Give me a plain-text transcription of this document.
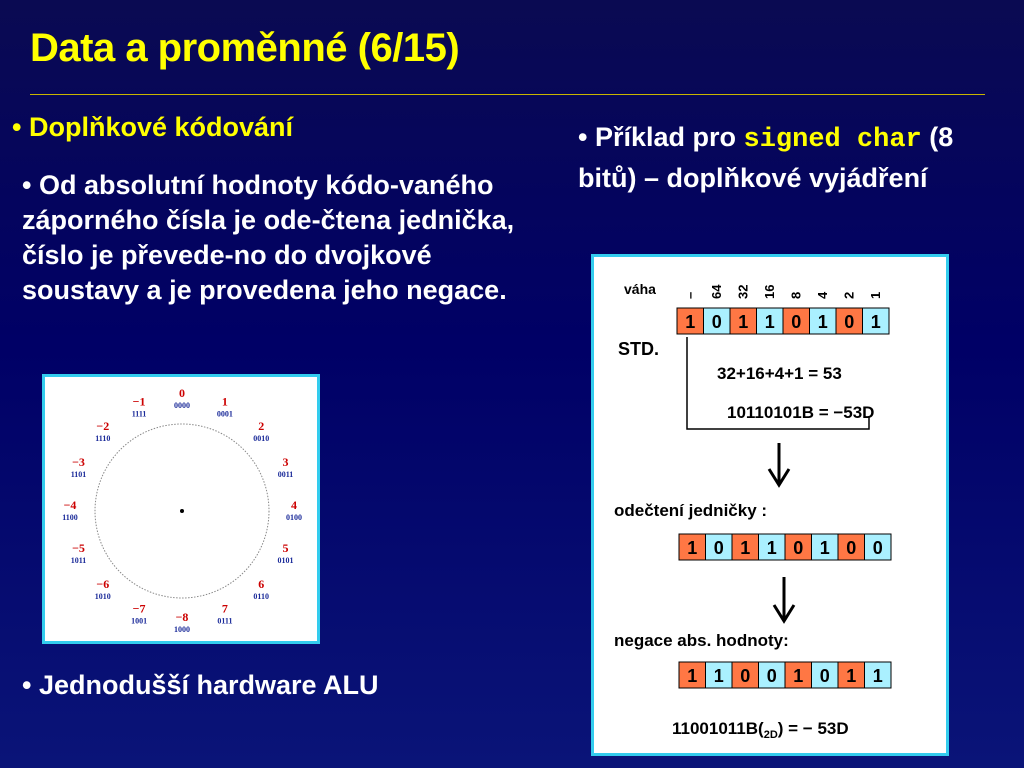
Data a proměnné (6/15)
• Doplňkové kódování
• Od absolutní hodnoty kódo-vaného záporného čísla je ode-čtena jednička, číslo je převede-no do dvojkové soustavy a je provedena jeho negace.
• Jednodušší hardware ALU
• Příklad pro signed char (8 bitů) – doplňkové vyjádření
0
0000	1
0001
2
0010
3
0011
4
0100
5
0101
6
0110
7
0111
−8
1000
−7
1001
−6
1010
−5
1011
−4
1100
−3
1101
−2
1110
−1
1111
váha – 64 32 16 8 4 2 1
1 0 1 1 0 1 0 1
STD.
32+16+4+1 = 53
10110101B = −53D
odečtení jedničky :
1 0 1 1 0 1 0 0
negace abs. hodnoty:
1 1 0 0 1 0 1 1
$11001011B(_{2D})$ = − 53D
